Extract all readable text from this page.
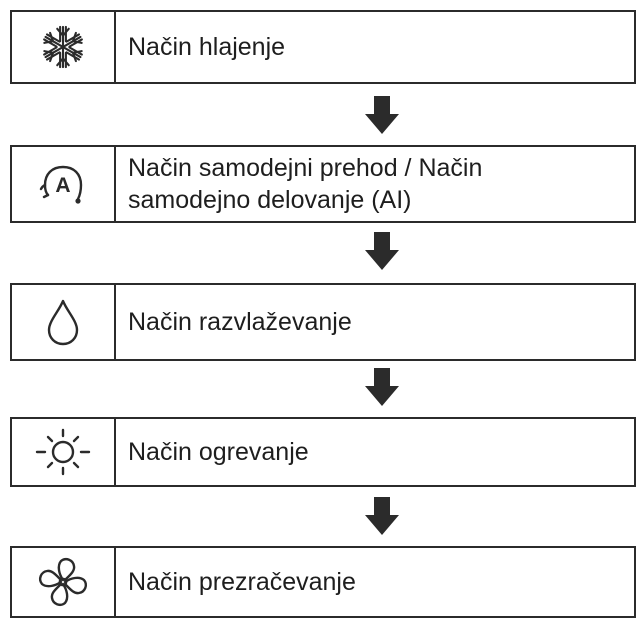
Način hlajenje
A
Način samodejni prehod / Način samodejno delovanje (AI)
Način razvlaževanje
Način ogrevanje
Način prezračevanje
